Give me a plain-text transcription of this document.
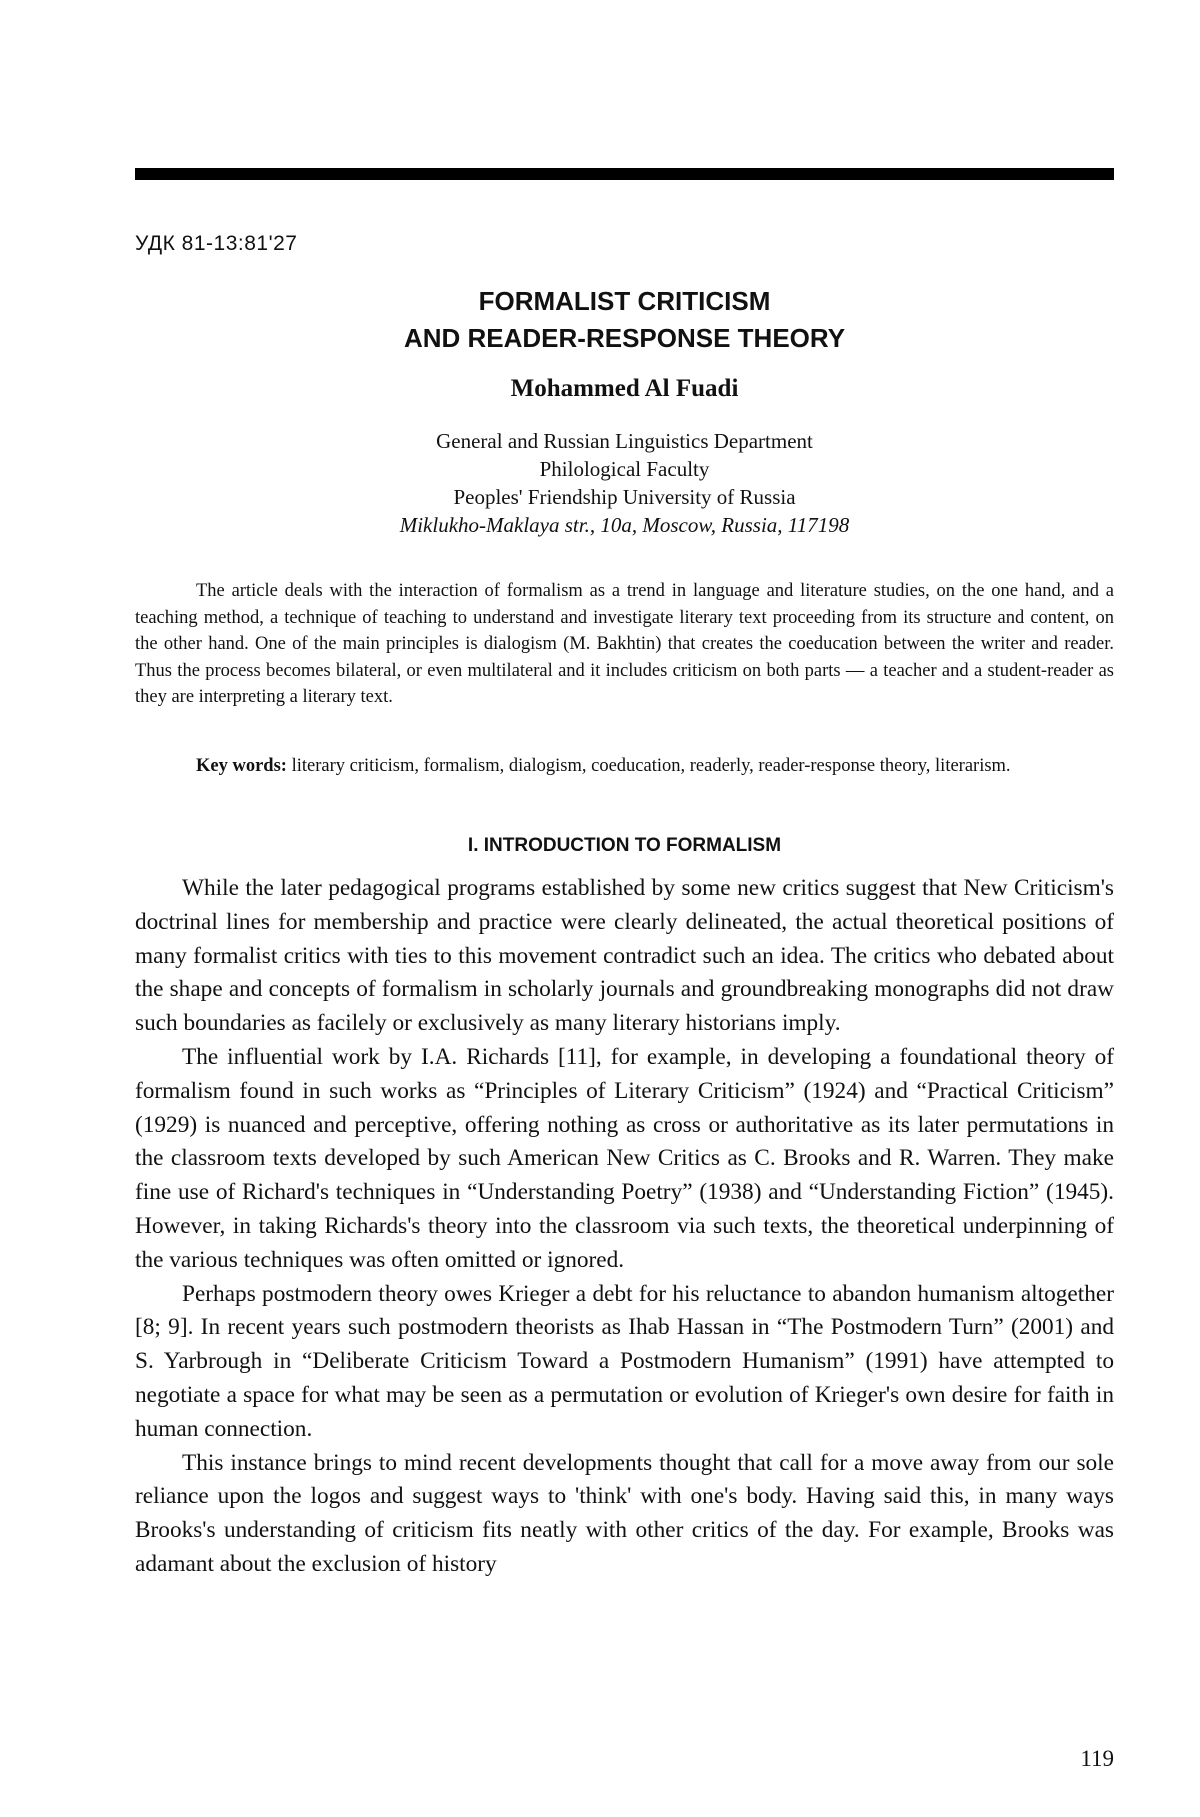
УДК 81-13:81'27

FORMALIST CRITICISM
AND READER-RESPONSE THEORY

Mohammed Al Fuadi

General and Russian Linguistics Department
Philological Faculty
Peoples' Friendship University of Russia
Miklukho-Maklaya str., 10a, Moscow, Russia, 117198

The article deals with the interaction of formalism as a trend in language and literature studies, on the one hand, and a teaching method, a technique of teaching to understand and investigate literary text proceeding from its structure and content, on the other hand. One of the main principles is dialogism (M. Bakhtin) that creates the coeducation between the writer and reader. Thus the process becomes bilateral, or even multilateral and it includes criticism on both parts — a teacher and a student-reader as they are interpreting a literary text.

Key words: literary criticism, formalism, dialogism, coeducation, readerly, reader-response theory, literarism.

I. INTRODUCTION TO FORMALISM

While the later pedagogical programs established by some new critics suggest that New Criticism's doctrinal lines for membership and practice were clearly delineated, the actual theoretical positions of many formalist critics with ties to this movement contradict such an idea. The critics who debated about the shape and concepts of formalism in scholarly journals and groundbreaking monographs did not draw such boundaries as facilely or exclusively as many literary historians imply.

The influential work by I.A. Richards [11], for example, in developing a foundational theory of formalism found in such works as “Principles of Literary Criticism” (1924) and “Practical Criticism” (1929) is nuanced and perceptive, offering nothing as cross or authoritative as its later permutations in the classroom texts developed by such American New Critics as C. Brooks and R. Warren. They make fine use of Richard's techniques in “Understanding Poetry” (1938) and “Understanding Fiction” (1945). However, in taking Richards's theory into the classroom via such texts, the theoretical underpinning of the various techniques was often omitted or ignored.

Perhaps postmodern theory owes Krieger a debt for his reluctance to abandon humanism altogether [8; 9]. In recent years such postmodern theorists as Ihab Hassan in “The Postmodern Turn” (2001) and S. Yarbrough in “Deliberate Criticism Toward a Postmodern Humanism” (1991) have attempted to negotiate a space for what may be seen as a permutation or evolution of Krieger's own desire for faith in human connection.

This instance brings to mind recent developments thought that call for a move away from our sole reliance upon the logos and suggest ways to 'think' with one's body. Having said this, in many ways Brooks's understanding of criticism fits neatly with other critics of the day. For example, Brooks was adamant about the exclusion of history

119
